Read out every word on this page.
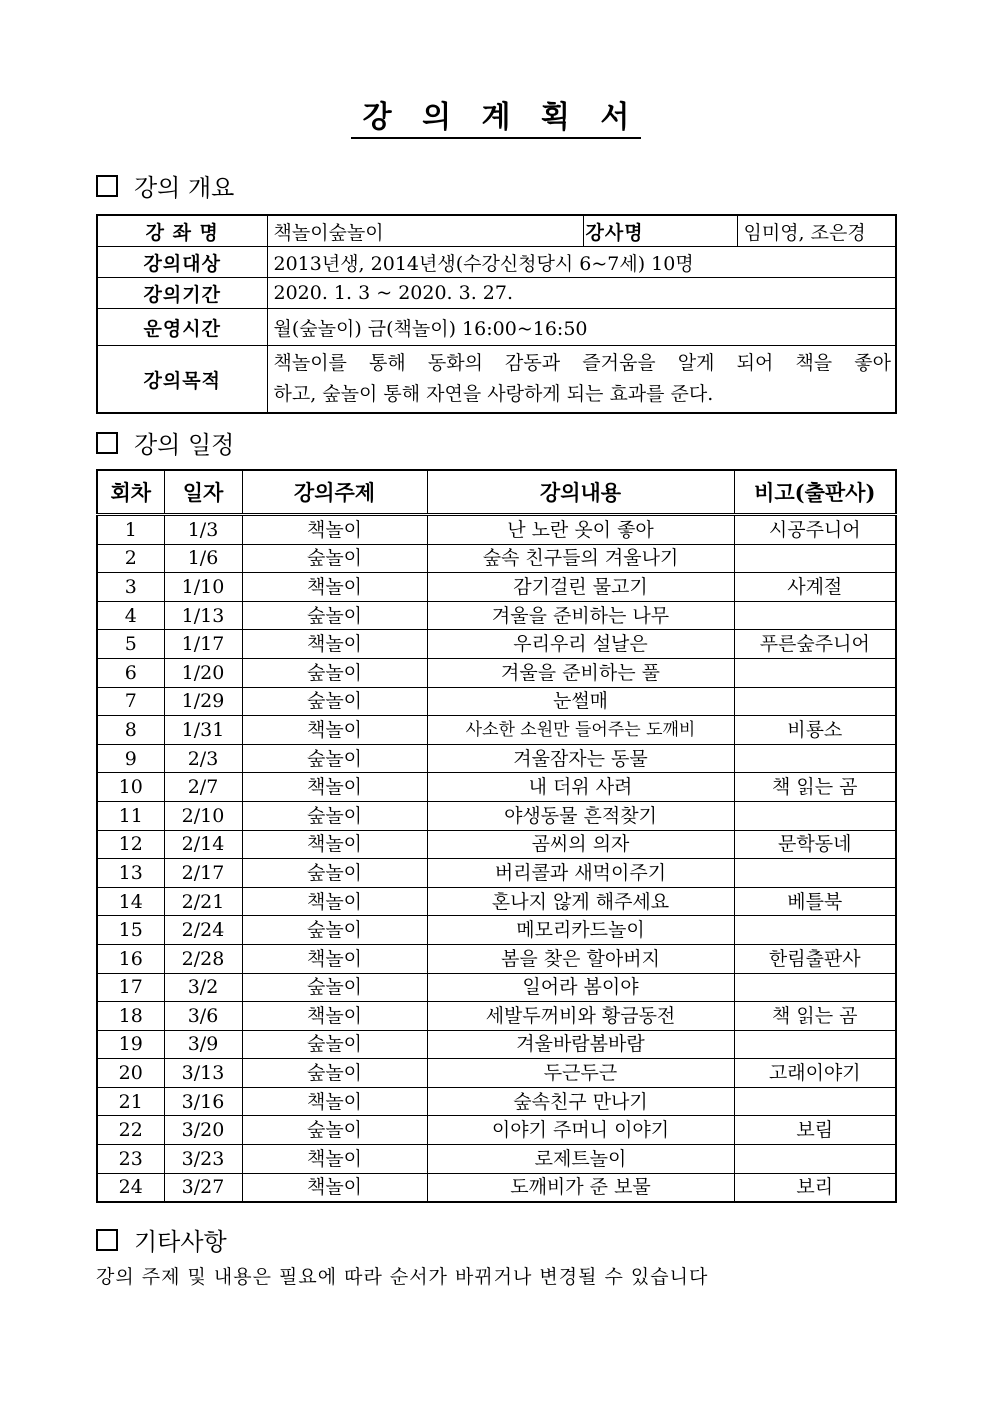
강 의 계 획 서
강의 개요
강 좌 명	책놀이숲놀이	강사명	임미영, 조은경
강의대상	2013년생, 2014년생(수강신청당시 6~7세) 10명		
강의기간	2020. 1. 3 ~ 2020. 3. 27.		
운영시간	월(숲놀이) 금(책놀이) 16:00~16:50		
강의목적	책놀이를 통해 동화의 감동과 즐거움을 알게 되어 책을 좋아
하고, 숲놀이 통해 자연을 사랑하게 되는 효과를 준다.		
강의 일정
회차	일자	강의주제	강의내용	비고(출판사)
1	1/3	책놀이	난 노란 옷이 좋아	시공주니어
2	1/6	숲놀이	숲속 친구들의 겨울나기	
3	1/10	책놀이	감기걸린 물고기	사계절
4	1/13	숲놀이	겨울을 준비하는 나무	
5	1/17	책놀이	우리우리 설날은	푸른숲주니어
6	1/20	숲놀이	겨울을 준비하는 풀	
7	1/29	숲놀이	눈썰매	
8	1/31	책놀이	사소한 소원만 들어주는 도깨비	비룡소
9	2/3	숲놀이	겨울잠자는 동물	
10	2/7	책놀이	내 더위 사려	책 읽는 곰
11	2/10	숲놀이	야생동물 흔적찾기	
12	2/14	책놀이	곰씨의 의자	문학동네
13	2/17	숲놀이	버리콜과 새먹이주기	
14	2/21	책놀이	혼나지 않게 해주세요	베틀북
15	2/24	숲놀이	메모리카드놀이	
16	2/28	책놀이	봄을 찾은 할아버지	한림출판사
17	3/2	숲놀이	일어라 봄이야	
18	3/6	책놀이	세발두꺼비와 황금동전	책 읽는 곰
19	3/9	숲놀이	겨울바람봄바람	
20	3/13	숲놀이	두근두근	고래이야기
21	3/16	책놀이	숲속친구 만나기	
22	3/20	숲놀이	이야기 주머니 이야기	보림
23	3/23	책놀이	로제트놀이	
24	3/27	책놀이	도깨비가 준 보물	보리
기타사항
강의 주제 및 내용은 필요에 따라 순서가 바뀌거나 변경될 수 있습니다
